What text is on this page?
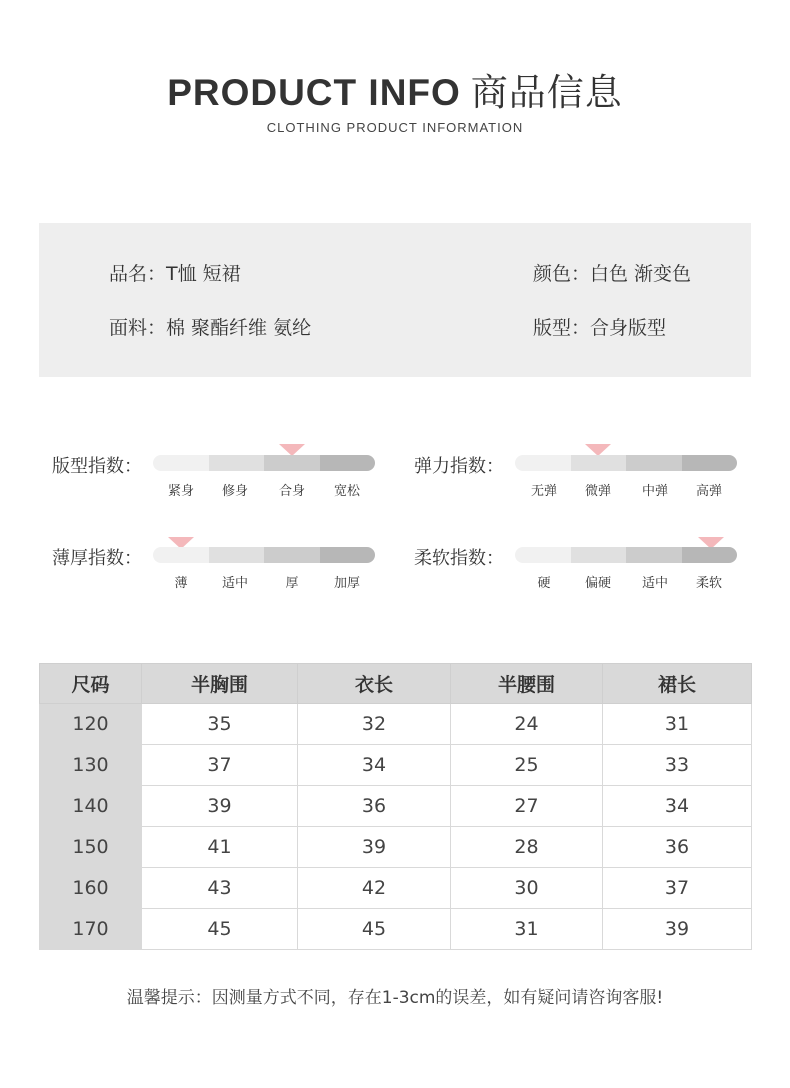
PRODUCT INFO 商品信息
CLOTHING PRODUCT INFORMATION
品名：T恤 短裙	颜色：白色 渐变色
面料：棉 聚酯纤维 氨纶	版型：合身版型
版型指数：
紧身	修身	合身	宽松
弹力指数：
无弹	微弹	中弹	高弹
薄厚指数：
薄	适中	厚	加厚
柔软指数：
硬	偏硬	适中	柔软
尺码	半胸围	衣长	半腰围	裙长
120	35	32	24	31
130	37	34	25	33
140	39	36	27	34
150	41	39	28	36
160	43	42	30	37
170	45	45	31	39
温馨提示：因测量方式不同，存在1-3cm的误差，如有疑问请咨询客服!
